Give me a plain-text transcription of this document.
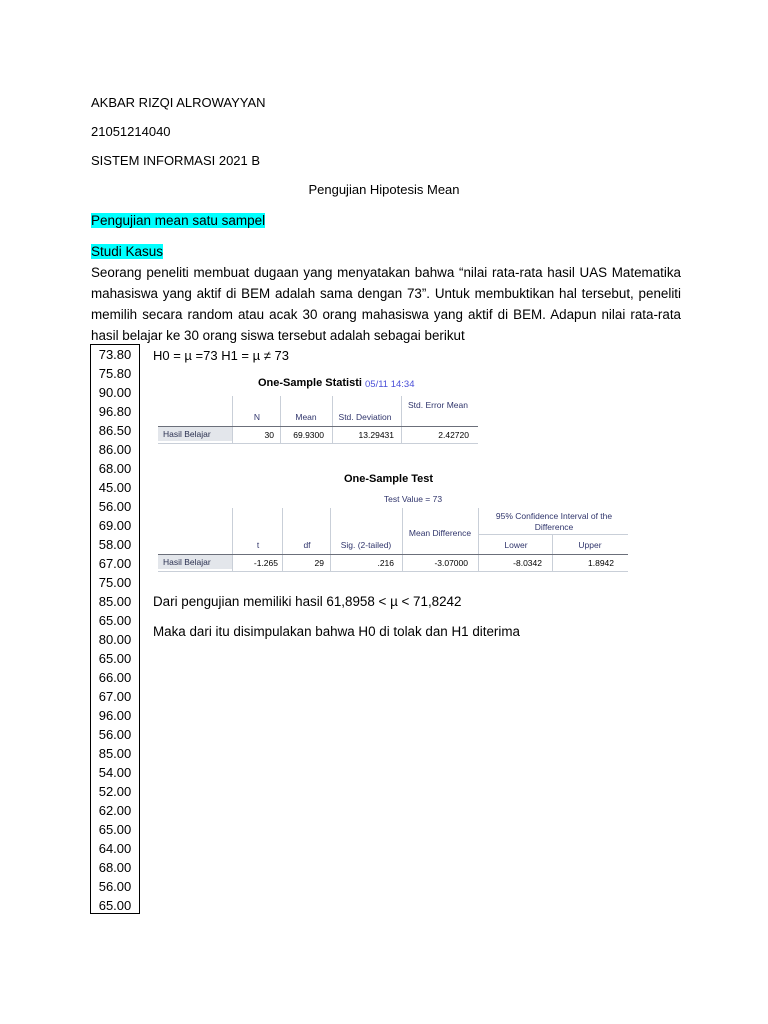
AKBAR RIZQI ALROWAYYAN
21051214040
SISTEM INFORMASI 2021 B
Pengujian Hipotesis Mean
Pengujian mean satu sampel
Studi Kasus
Seorang peneliti membuat dugaan yang menyatakan bahwa “nilai rata-rata hasil UAS Matematika mahasiswa yang aktif di BEM adalah sama dengan 73”. Untuk membuktikan hal tersebut, peneliti memilih secara random atau acak 30 orang mahasiswa yang aktif di BEM. Adapun nilai rata-rata hasil belajar ke 30 orang siswa tersebut adalah sebagai berikut
73.80
75.80
90.00
96.80
86.50
86.00
68.00
45.00
56.00
69.00
58.00
67.00
75.00
85.00
65.00
80.00
65.00
66.00
67.00
96.00
56.00
85.00
54.00
52.00
62.00
65.00
64.00
68.00
56.00
65.00
H0 = µ =73 H1 = µ ≠ 73
One-Sample Statisti 05/11 14:34
N	Mean	Std. Deviation
Std. Error Mean
Hasil Belajar	30	69.9300	13.29431	2.42720
One-Sample Test
Test Value = 73
95% Confidence Interval of the Difference
t	df	Sig. (2-tailed)
Mean Difference
Lower	Upper
Hasil Belajar	-1.265	29	.216	-3.07000	-8.0342	1.8942
Dari pengujian memiliki hasil 61,8958 < µ < 71,8242
Maka dari itu disimpulakan bahwa H0 di tolak dan H1 diterima
